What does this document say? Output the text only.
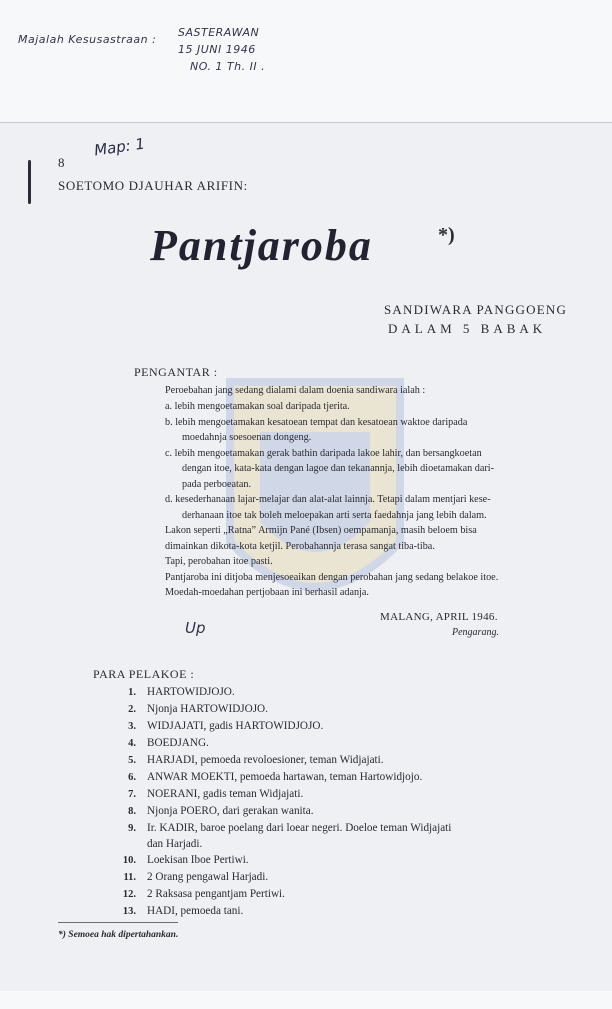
Majalah Kesusastraan :
SASTERAWAN
15 JUNI 1946
NO. 1 Th. II .
Map: 1
8
SOETOMO DJAUHAR ARIFIN:
Pantjaroba	*)
SANDIWARA PANGGOENG
DALAM 5 BABAK
PENGANTAR :
Peroebahan jang sedang dialami dalam doenia sandiwara ialah :
a. lebih mengoetamakan soal daripada tjerita.
b. lebih mengoetamakan kesatoean tempat dan kesatoean waktoe daripada
moedahnja soesoenan dongeng.
c. lebih mengoetamakan gerak bathin daripada lakoe lahir, dan bersangkoetan
dengan itoe, kata-kata dengan lagoe dan tekanannja, lebih dioetamakan dari-
pada perboeatan.
d. kesederhanaan lajar-melajar dan alat-alat lainnja. Tetapi dalam mentjari kese-
derhanaan itoe tak boleh meloepakan arti serta faedahnja jang lebih dalam.
Lakon seperti „Ratna” Armijn Pané (Ibsen) oempamanja, masih beloem bisa
dimainkan dikota-kota ketjil. Perobahannja terasa sangat tiba-tiba.
Tapi, perobahan itoe pasti.
Pantjaroba ini ditjoba menjesoeaikan dengan perobahan jang sedang belakoe itoe.
Moedah-moedahan pertjobaan ini berhasil adanja.
MALANG, APRIL 1946.
Pengarang.
Up
PARA PELAKOE :
1. HARTOWIDJOJO.
2. Njonja HARTOWIDJOJO.
3. WIDJAJATI, gadis HARTOWIDJOJO.
4. BOEDJANG.
5. HARJADI, pemoeda revoloesioner, teman Widjajati.
6. ANWAR MOEKTI, pemoeda hartawan, teman Hartowidjojo.
7. NOERANI, gadis teman Widjajati.
8. Njonja POERO, dari gerakan wanita.
9. Ir. KADIR, baroe poelang dari loear negeri. Doeloe teman Widjajati
dan Harjadi.
10. Loekisan Iboe Pertiwi.
11. 2 Orang pengawal Harjadi.
12. 2 Raksasa pengantjam Pertiwi.
13. HADI, pemoeda tani.
*) Semoea hak dipertahankan.
